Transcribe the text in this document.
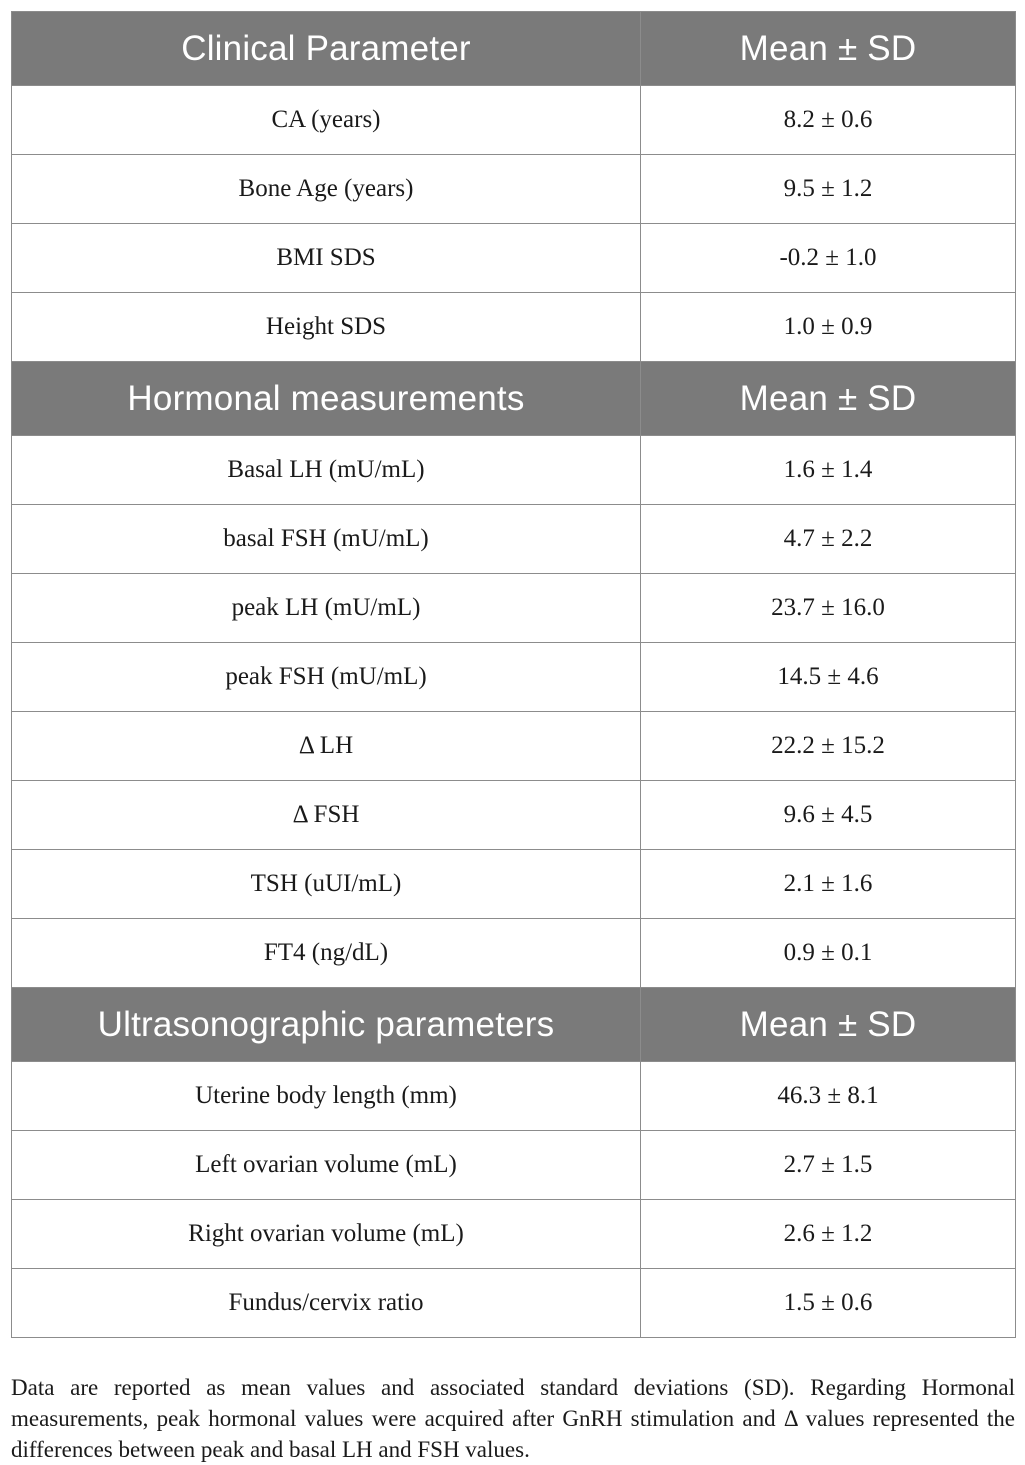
Clinical Parameter	Mean ± SD
CA (years)	8.2 ± 0.6
Bone Age (years)	9.5 ± 1.2
BMI SDS	-0.2 ± 1.0
Height SDS	1.0 ± 0.9
Hormonal measurements	Mean ± SD
Basal LH (mU/mL)	1.6 ± 1.4
basal FSH (mU/mL)	4.7 ± 2.2
peak LH (mU/mL)	23.7 ± 16.0
peak FSH (mU/mL)	14.5 ± 4.6
Δ LH	22.2 ± 15.2
Δ FSH	9.6 ± 4.5
TSH (uUI/mL)	2.1 ± 1.6
FT4 (ng/dL)	0.9 ± 0.1
Ultrasonographic parameters	Mean ± SD
Uterine body length (mm)	46.3 ± 8.1
Left ovarian volume (mL)	2.7 ± 1.5
Right ovarian volume (mL)	2.6 ± 1.2
Fundus/cervix ratio	1.5 ± 0.6

Data are reported as mean values and associated standard deviations (SD). Regarding Hormonal measurements, peak hormonal values were acquired after GnRH stimulation and Δ values represented the differences between peak and basal LH and FSH values.
